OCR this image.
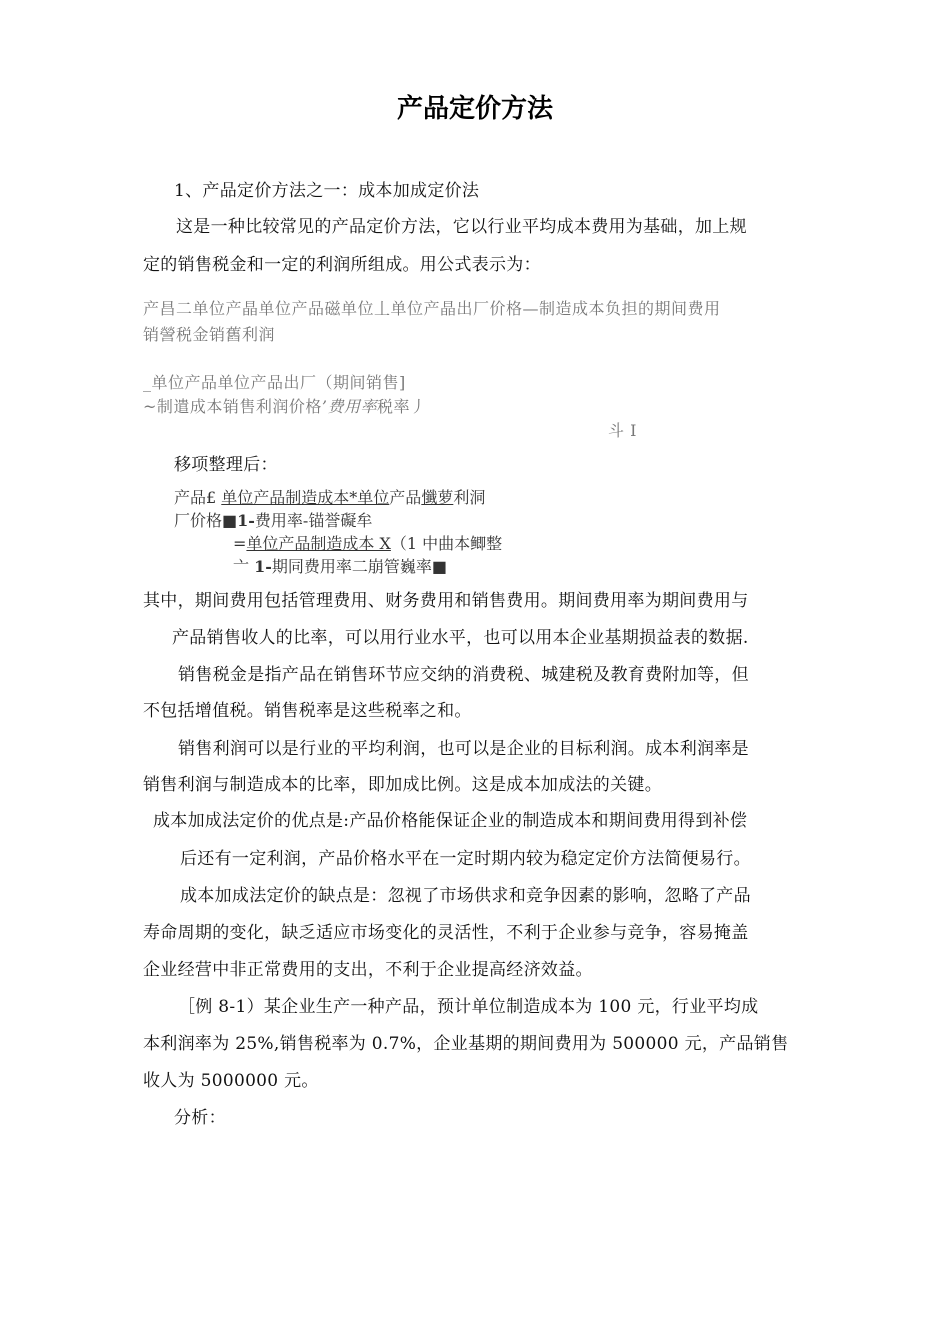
产品定价方法
1、产品定价方法之一：成本加成定价法
这是一种比较常见的产品定价方法，它以行业平均成本费用为基础，加上规
定的销售税金和一定的利润所组成。用公式表示为：
产昌二单位产晶单位产品磁单位丄单位产晶出厂价格—制造成本负担的期间费用
销謍税金销舊利润
_单位产品单位产品出厂（期间销售]
~制遣成本销售利润价格’费用率税率丿
斗 I
移项整理后：
产品£ 单位产品制造成本*单位产品懺萝利洞
厂价格■1-费用率-锚誉礙牟
=单位产品制造成本 X（1 中曲本鲫整
亠 1-期同费用率二崩管巍率■
其中，期间费用包括管理费用、财务费用和销售费用。期间费用率为期间费用与
产品销售收人的比率，可以用行业水平，也可以用本企业基期损益表的数据.
销售税金是指产品在销售环节应交纳的消费税、城建税及教育费附加等，但
不包括增值税。销售税率是这些税率之和。
销售利润可以是行业的平均利润，也可以是企业的目标利润。成本利润率是
销售利润与制造成本的比率，即加成比例。这是成本加成法的关键。
成本加成法定价的优点是:产品价格能保证企业的制造成本和期间费用得到补偿
后还有一定利润，产品价格水平在一定时期内较为稳定定价方法简便易行。
成本加成法定价的缺点是：忽视了市场供求和竞争因素的影响，忽略了产品
寿命周期的变化，缺乏适应市场变化的灵活性，不利于企业参与竞争，容易掩盖
企业经营中非正常费用的支出，不利于企业提高经济效益。
［例 8-1）某企业生产一种产品，预计单位制造成本为 100 元，行业平均成
本利润率为 25%,销售税率为 0.7%，企业基期的期间费用为 500000 元，产品销售
收人为 5000000 元。
分析：
